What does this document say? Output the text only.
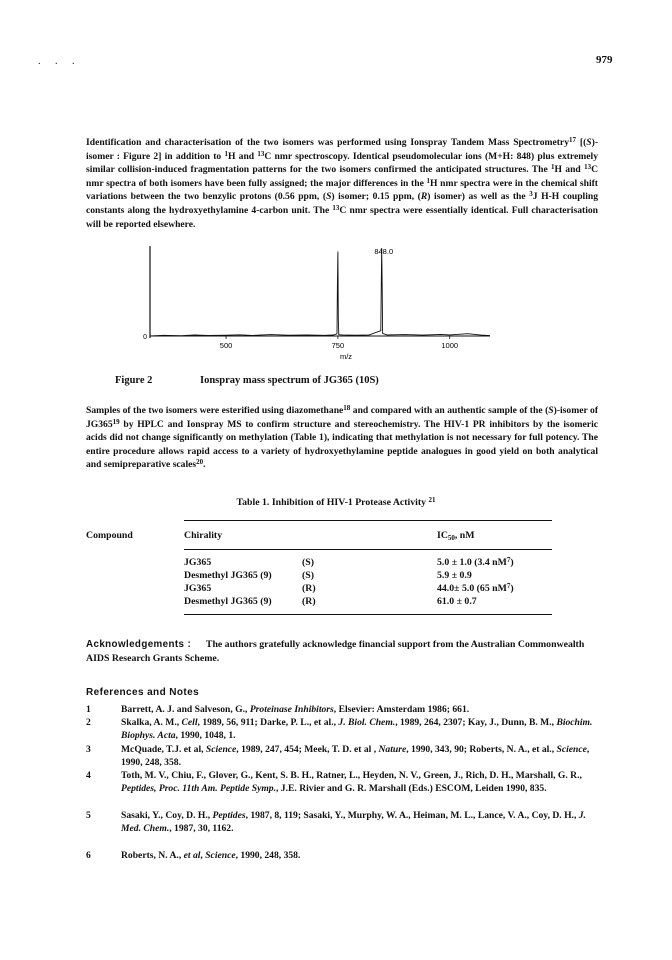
. . .	979
Identification and characterisation of the two isomers was performed using Ionspray Tandem Mass Spectrometry$^{17}$ [(S)-isomer : Figure 2] in addition to $^1$H and $^{13}$C nmr spectroscopy. Identical pseudomolecular ions (M+H: 848) plus extremely similar collision-induced fragmentation patterns for the two isomers confirmed the anticipated structures. The $^1$H and $^{13}$C nmr spectra of both isomers have been fully assigned; the major differences in the $^1$H nmr spectra were in the chemical shift variations between the two benzylic protons (0.56 ppm, (S) isomer; 0.15 ppm, (R) isomer) as well as the $^3$J H-H coupling constants along the hydroxyethylamine 4-carbon unit. The $^{13}$C nmr spectra were essentially identical. Full characterisation will be reported elsewhere.
0
500	750	1000
m/z
848.0
Figure 2	Ionspray mass spectrum of JG365 (10S)
Samples of the two isomers were esterified using diazomethane$^{18}$ and compared with an authentic sample of the (S)-isomer of $JG365^{19}$ by HPLC and Ionspray MS to confirm structure and stereochemistry. The HIV-1 PR inhibitors by the isomeric acids did not change significantly on methylation (Table 1), indicating that methylation is not necessary for full potency. The entire procedure allows rapid access to a variety of hydroxyethylamine peptide analogues in good yield on both analytical and semipreparative scales$^{20}$.
Table 1. Inhibition of HIV-1 Protease Activity $^{21}$
Compound	Chirality	$IC_{50}$, nM
JG365	(S)	5.0 ± 1.0 (3.4 $nM^7$)
Desmethyl JG365 (9)	(S)	5.9 ± 0.9
JG365	(R)	44.0± 5.0 (65 $nM^7$)
Desmethyl JG365 (9)	(R)	61.0 ± 0.7
Acknowledgements : The authors gratefully acknowledge financial support from the Australian Commonwealth AIDS Research Grants Scheme.
References and Notes
1	Barrett, A. J. and Salveson, G., Proteinase Inhibitors, Elsevier: Amsterdam 1986; 661.
2	Skalka, A. M., Cell, 1989, 56, 911; Darke, P. L., et al., J. Biol. Chem., 1989, 264, 2307; Kay, J., Dunn, B. M., Biochim. Biophys. Acta, 1990, 1048, 1.
3	McQuade, T.J. et al, Science, 1989, 247, 454; Meek, T. D. et al , Nature, 1990, 343, 90; Roberts, N. A., et al., Science, 1990, 248, 358.
4	Toth, M. V., Chiu, F., Glover, G., Kent, S. B. H., Ratner, L., Heyden, N. V., Green, J., Rich, D. H., Marshall, G. R., Peptides, Proc. 11th Am. Peptide Symp., J.E. Rivier and G. R. Marshall (Eds.) ESCOM, Leiden 1990, 835.
5	Sasaki, Y., Coy, D. H., Peptides, 1987, 8, 119; Sasaki, Y., Murphy, W. A., Heiman, M. L., Lance, V. A., Coy, D. H., J. Med. Chem., 1987, 30, 1162.
6	Roberts, N. A., et al, Science, 1990, 248, 358.
